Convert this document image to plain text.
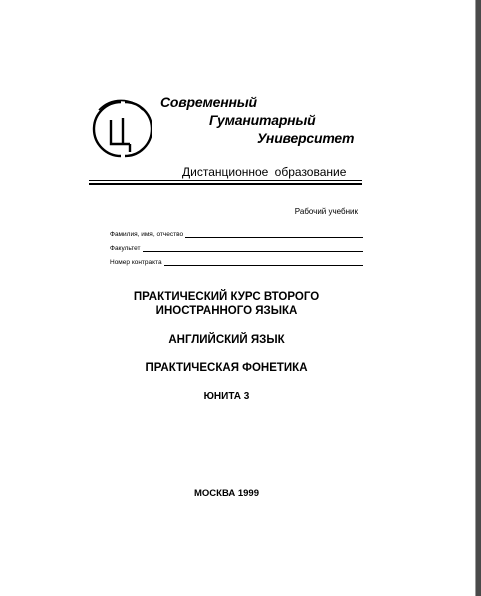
Современный
Гуманитарный
Университет
Дистанционное образование
Рабочий учебник
Фамилия, имя, отчество
Факультет
Номер контракта
ПРАКТИЧЕСКИЙ КУРС ВТОРОГО
ИНОСТРАННОГО ЯЗЫКА
АНГЛИЙСКИЙ ЯЗЫК
ПРАКТИЧЕСКАЯ ФОНЕТИКА
ЮНИТА 3
МОСКВА 1999
